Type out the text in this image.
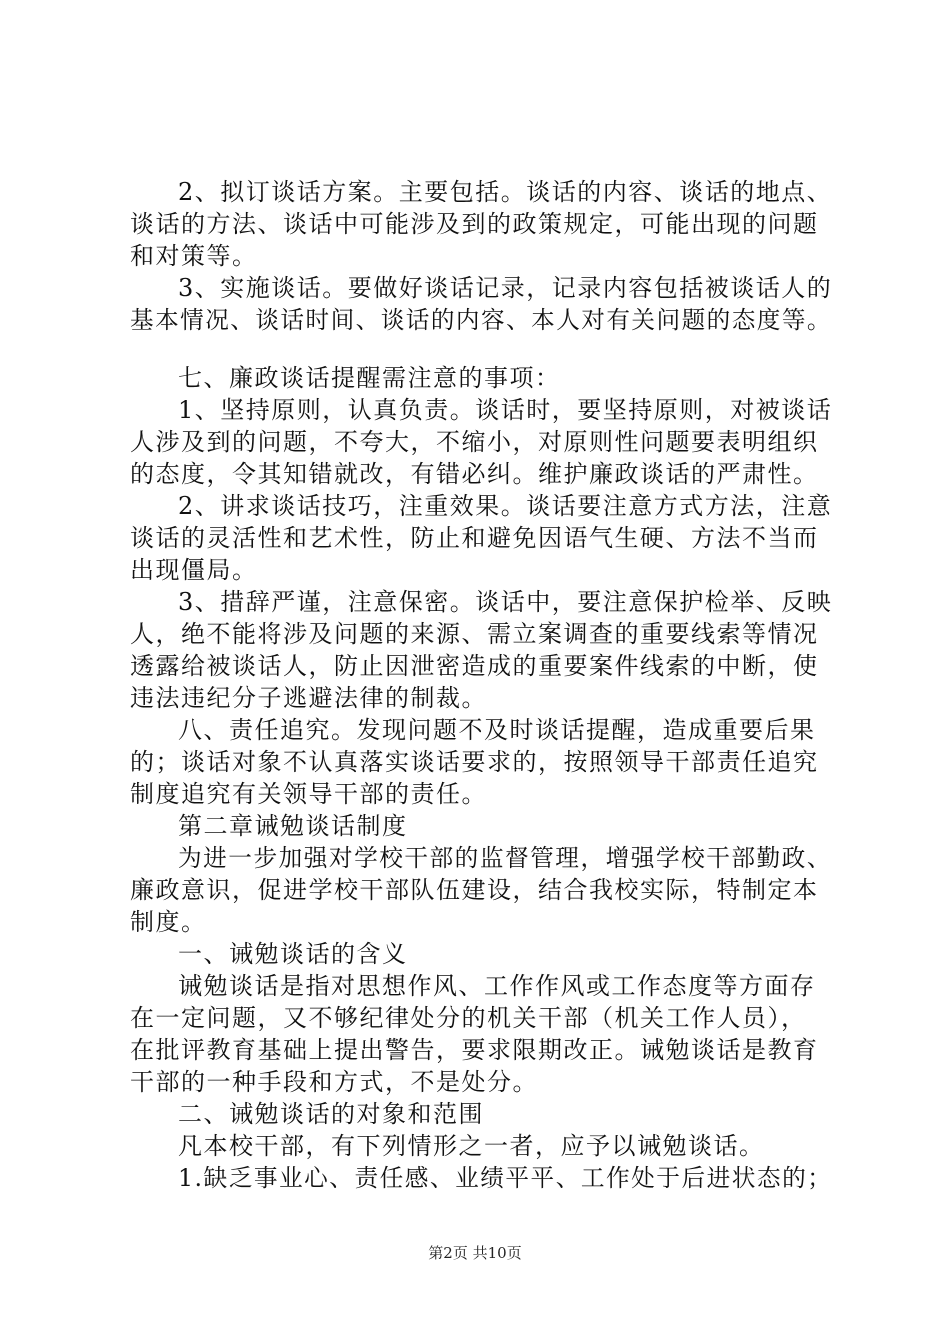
2、拟订谈话方案。主要包括。谈话的内容、谈话的地点、
谈话的方法、谈话中可能涉及到的政策规定，可能出现的问题
和对策等。
3、实施谈话。要做好谈话记录，记录内容包括被谈话人的
基本情况、谈话时间、谈话的内容、本人对有关问题的态度等。
七、廉政谈话提醒需注意的事项：
1、坚持原则，认真负责。谈话时，要坚持原则，对被谈话
人涉及到的问题，不夸大，不缩小，对原则性问题要表明组织
的态度，令其知错就改，有错必纠。维护廉政谈话的严肃性。
2、讲求谈话技巧，注重效果。谈话要注意方式方法，注意
谈话的灵活性和艺术性，防止和避免因语气生硬、方法不当而
出现僵局。
3、措辞严谨，注意保密。谈话中，要注意保护检举、反映
人，绝不能将涉及问题的来源、需立案调查的重要线索等情况
透露给被谈话人，防止因泄密造成的重要案件线索的中断，使
违法违纪分子逃避法律的制裁。
八、责任追究。发现问题不及时谈话提醒，造成重要后果
的；谈话对象不认真落实谈话要求的，按照领导干部责任追究
制度追究有关领导干部的责任。
第二章诫勉谈话制度
为进一步加强对学校干部的监督管理，增强学校干部勤政、
廉政意识，促进学校干部队伍建设，结合我校实际，特制定本
制度。
一、诫勉谈话的含义
诫勉谈话是指对思想作风、工作作风或工作态度等方面存
在一定问题，又不够纪律处分的机关干部（机关工作人员），
在批评教育基础上提出警告，要求限期改正。诫勉谈话是教育
干部的一种手段和方式，不是处分。
二、诫勉谈话的对象和范围
凡本校干部，有下列情形之一者，应予以诫勉谈话。
1.缺乏事业心、责任感、业绩平平、工作处于后进状态的；
第2页 共10页
